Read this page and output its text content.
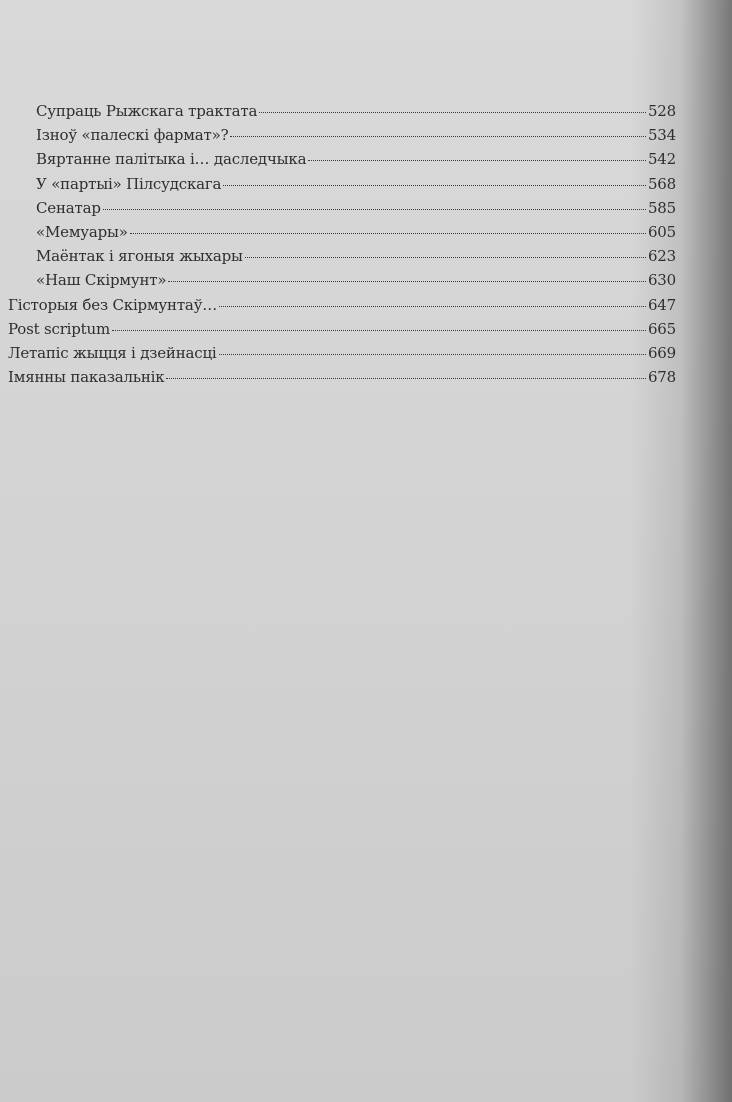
Супраць Рыжскага трактата	528
Ізноў «палескі фармат»?	534
Вяртанне палітыка і… даследчыка	542
У «партыі» Пілсудскага	568
Сенатар	585
«Мемуары»	605
Маёнтак і ягоныя жыхары	623
«Наш Скірмунт»	630
Гісторыя без Скірмунтаў…	647
Post scriptum	665
Летапіс жыцця і дзейнасці	669
Імянны паказальнік	678
